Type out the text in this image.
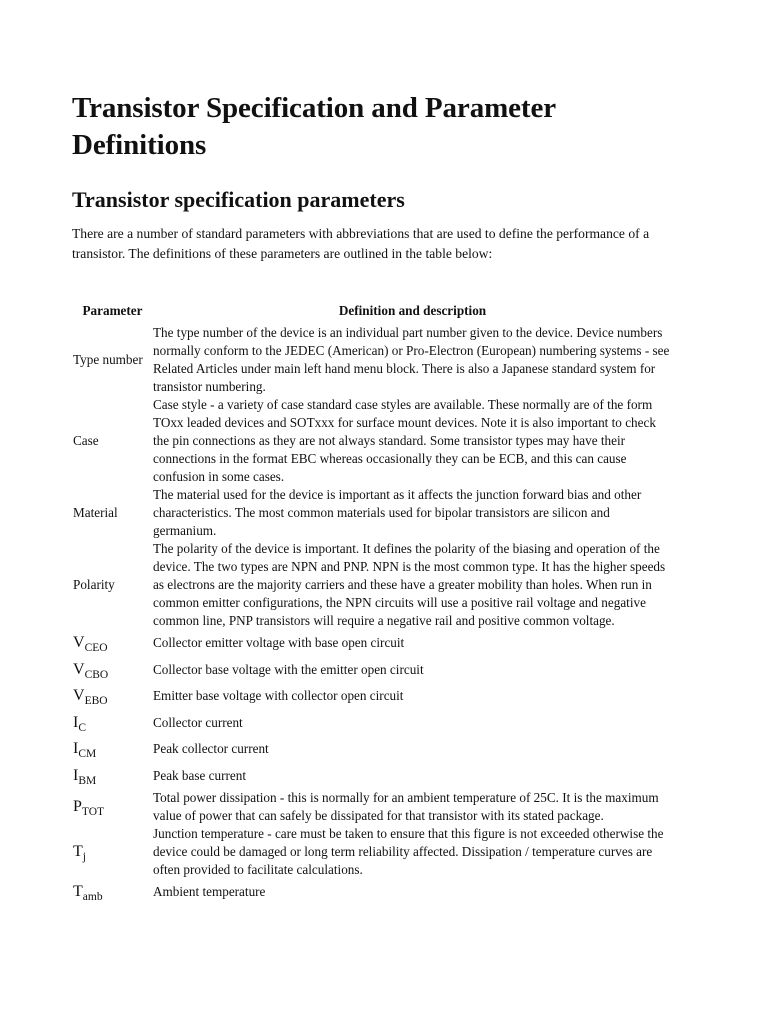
Transistor Specification and Parameter Definitions
Transistor specification parameters

There are a number of standard parameters with abbreviations that are used to define the performance of a transistor. The definitions of these parameters are outlined in the table below:

Parameter	Definition and description
Type number	The type number of the device is an individual part number given to the device. Device numbers normally conform to the JEDEC (American) or Pro-Electron (European) numbering systems - see Related Articles under main left hand menu block. There is also a Japanese standard system for transistor numbering.
Case	Case style - a variety of case standard case styles are available. These normally are of the form TOxx leaded devices and SOTxxx for surface mount devices. Note it is also important to check the pin connections as they are not always standard. Some transistor types may have their connections in the format EBC whereas occasionally they can be ECB, and this can cause confusion in some cases.
Material	The material used for the device is important as it affects the junction forward bias and other characteristics. The most common materials used for bipolar transistors are silicon and germanium.
Polarity	The polarity of the device is important. It defines the polarity of the biasing and operation of the device. The two types are NPN and PNP. NPN is the most common type. It has the higher speeds as electrons are the majority carriers and these have a greater mobility than holes. When run in common emitter configurations, the NPN circuits will use a positive rail voltage and negative common line, PNP transistors will require a negative rail and positive common voltage.
$V_{CEO}$	Collector emitter voltage with base open circuit
$V_{CBO}$	Collector base voltage with the emitter open circuit
$V_{EBO}$	Emitter base voltage with collector open circuit
$I_C$	Collector current
$I_{CM}$	Peak collector current
$I_{BM}$	Peak base current
$P_{TOT}$	Total power dissipation - this is normally for an ambient temperature of 25C. It is the maximum value of power that can safely be dissipated for that transistor with its stated package.
$T_j$	Junction temperature - care must be taken to ensure that this figure is not exceeded otherwise the device could be damaged or long term reliability affected. Dissipation / temperature curves are often provided to facilitate calculations.
$T_{amb}$	Ambient temperature
